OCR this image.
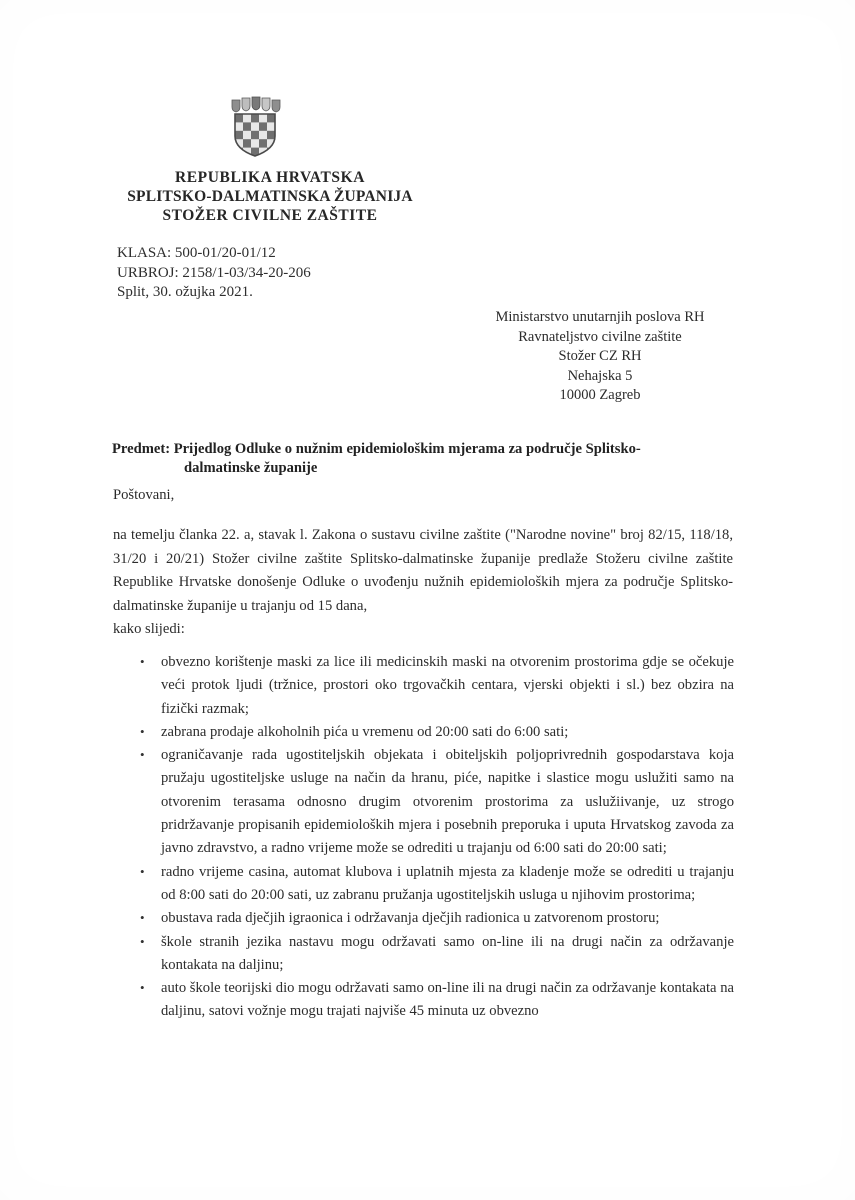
REPUBLIKA HRVATSKA
SPLITSKO-DALMATINSKA ŽUPANIJA
STOŽER CIVILNE ZAŠTITE
KLASA: 500-01/20-01/12
URBROJ: 2158/1-03/34-20-206
Split, 30. ožujka 2021.
Ministarstvo unutarnjih poslova RH
Ravnateljstvo civilne zaštite
Stožer CZ RH
Nehajska 5
10000 Zagreb
Predmet: Prijedlog Odluke o nužnim epidemiološkim mjerama za područje Splitsko-
dalmatinske županije
Poštovani,
na temelju članka 22. a, stavak l. Zakona o sustavu civilne zaštite ("Narodne novine" broj 82/15, 118/18, 31/20 i 20/21) Stožer civilne zaštite Splitsko-dalmatinske županije predlaže Stožeru civilne zaštite Republike Hrvatske donošenje Odluke o uvođenju nužnih epidemioloških mjera za područje Splitsko-dalmatinske županije u trajanju od 15 dana,
kako slijedi:
• obvezno korištenje maski za lice ili medicinskih maski na otvorenim prostorima gdje se očekuje veći protok ljudi (tržnice, prostori oko trgovačkih centara, vjerski objekti i sl.) bez obzira na fizički razmak;
• zabrana prodaje alkoholnih pića u vremenu od 20:00 sati do 6:00 sati;
• ograničavanje rada ugostiteljskih objekata i obiteljskih poljoprivrednih gospodarstava koja pružaju ugostiteljske usluge na način da hranu, piće, napitke i slastice mogu uslužiti samo na otvorenim terasama odnosno drugim otvorenim prostorima za uslužiivanje, uz strogo pridržavanje propisanih epidemioloških mjera i posebnih preporuka i uputa Hrvatskog zavoda za javno zdravstvo, a radno vrijeme može se odrediti u trajanju od 6:00 sati do 20:00 sati;
• radno vrijeme casina, automat klubova i uplatnih mjesta za kladenje može se odrediti u trajanju od 8:00 sati do 20:00 sati, uz zabranu pružanja ugostiteljskih usluga u njihovim prostorima;
• obustava rada dječjih igraonica i održavanja dječjih radionica u zatvorenom prostoru;
• škole stranih jezika nastavu mogu održavati samo on-line ili na drugi način za održavanje kontakata na daljinu;
• auto škole teorijski dio mogu održavati samo on-line ili na drugi način za održavanje kontakata na daljinu, satovi vožnje mogu trajati najviše 45 minuta uz obvezno
